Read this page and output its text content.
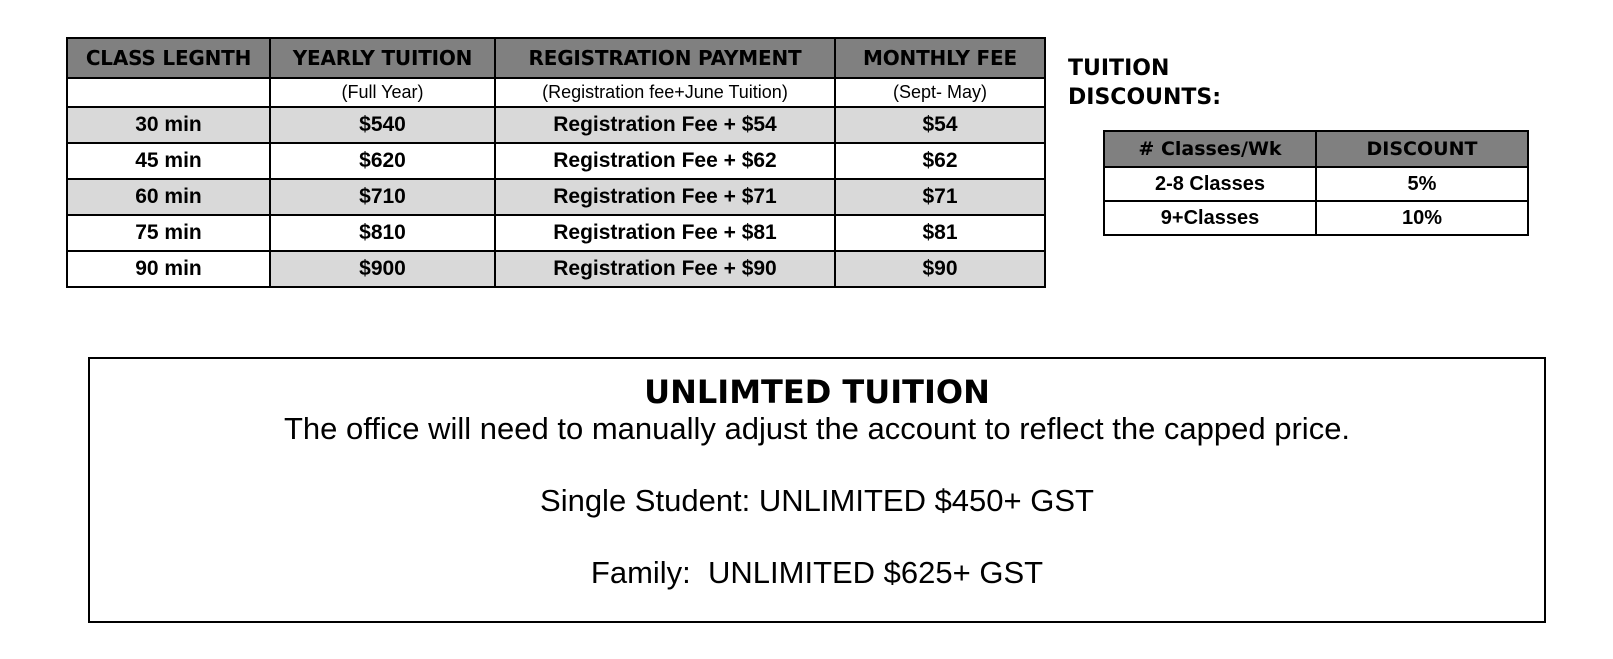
CLASS LEGNTH	YEARLY TUITION	REGISTRATION PAYMENT	MONTHLY FEE
	(Full Year)	(Registration fee+June Tuition)	(Sept- May)
30 min	$540	Registration Fee + $54	$54
45 min	$620	Registration Fee + $62	$62
60 min	$710	Registration Fee + $71	$71
75 min	$810	Registration Fee + $81	$81
90 min	$900	Registration Fee + $90	$90
TUITION
DISCOUNTS:
# Classes/Wk	DISCOUNT
2-8 Classes	5%
9+Classes	10%
UNLIMTED TUITION
The office will need to manually adjust the account to reflect the capped price.
Single Student: UNLIMITED $450+ GST
Family:  UNLIMITED $625+ GST
